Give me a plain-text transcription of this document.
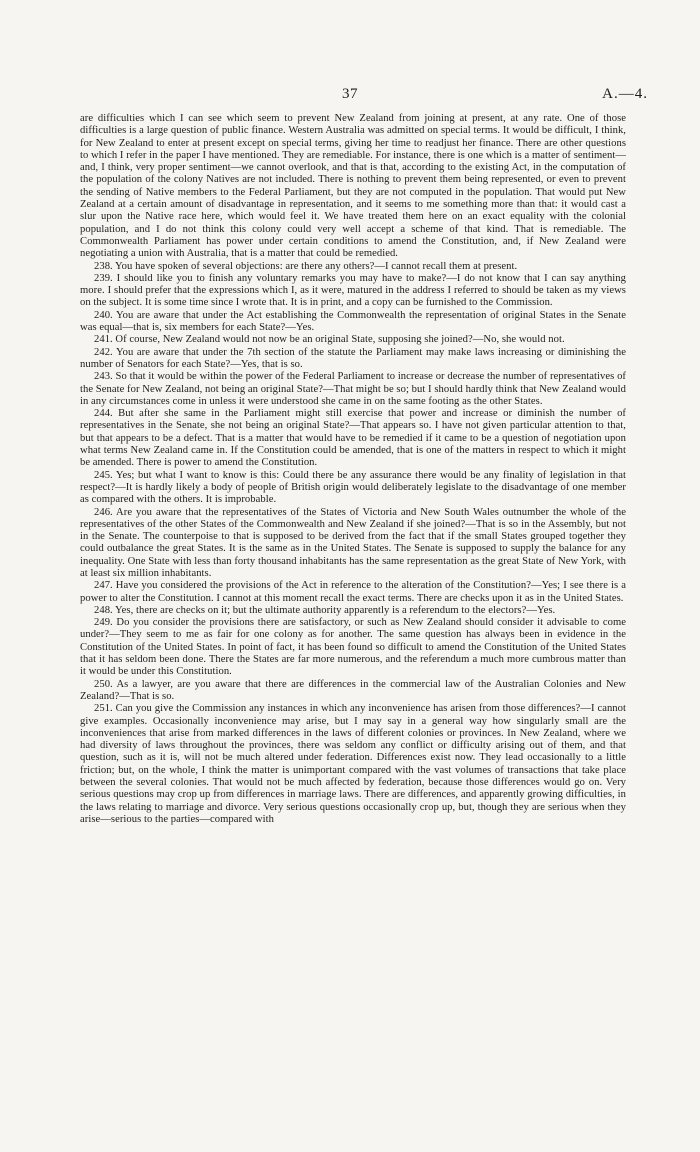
37	A.—4.

are difficulties which I can see which seem to prevent New Zealand from joining at present, at any rate. One of those difficulties is a large question of public finance. Western Australia was admitted on special terms. It would be difficult, I think, for New Zealand to enter at present except on special terms, giving her time to readjust her finance. There are other questions to which I refer in the paper I have mentioned. They are remediable. For instance, there is one which is a matter of sentiment—and, I think, very proper sentiment—we cannot overlook, and that is that, according to the existing Act, in the computation of the population of the colony Natives are not included. There is nothing to prevent them being represented, or even to prevent the sending of Native members to the Federal Parliament, but they are not computed in the population. That would put New Zealand at a certain amount of disadvantage in representation, and it seems to me something more than that: it would cast a slur upon the Native race here, which would feel it. We have treated them here on an exact equality with the colonial population, and I do not think this colony could very well accept a scheme of that kind. That is remediable. The Commonwealth Parliament has power under certain conditions to amend the Constitution, and, if New Zealand were negotiating a union with Australia, that is a matter that could be remedied.

238. You have spoken of several objections: are there any others?—I cannot recall them at present.

239. I should like you to finish any voluntary remarks you may have to make?—I do not know that I can say anything more. I should prefer that the expressions which I, as it were, matured in the address I referred to should be taken as my views on the subject. It is some time since I wrote that. It is in print, and a copy can be furnished to the Commission.

240. You are aware that under the Act establishing the Commonwealth the representation of original States in the Senate was equal—that is, six members for each State?—Yes.

241. Of course, New Zealand would not now be an original State, supposing she joined?—No, she would not.

242. You are aware that under the 7th section of the statute the Parliament may make laws increasing or diminishing the number of Senators for each State?—Yes, that is so.

243. So that it would be within the power of the Federal Parliament to increase or decrease the number of representatives of the Senate for New Zealand, not being an original State?—That might be so; but I should hardly think that New Zealand would in any circumstances come in unless it were understood she came in on the same footing as the other States.

244. But after she same in the Parliament might still exercise that power and increase or diminish the number of representatives in the Senate, she not being an original State?—That appears so. I have not given particular attention to that, but that appears to be a defect. That is a matter that would have to be remedied if it came to be a question of negotiation upon what terms New Zealand came in. If the Constitution could be amended, that is one of the matters in respect to which it might be amended. There is power to amend the Constitution.

245. Yes; but what I want to know is this: Could there be any assurance there would be any finality of legislation in that respect?—It is hardly likely a body of people of British origin would deliberately legislate to the disadvantage of one member as compared with the others. It is improbable.

246. Are you aware that the representatives of the States of Victoria and New South Wales outnumber the whole of the representatives of the other States of the Commonwealth and New Zealand if she joined?—That is so in the Assembly, but not in the Senate. The counterpoise to that is supposed to be derived from the fact that if the small States grouped together they could outbalance the great States. It is the same as in the United States. The Senate is supposed to supply the balance for any inequality. One State with less than forty thousand inhabitants has the same representation as the great State of New York, with at least six million inhabitants.

247. Have you considered the provisions of the Act in reference to the alteration of the Constitution?—Yes; I see there is a power to alter the Constitution. I cannot at this moment recall the exact terms. There are checks upon it as in the United States.

248. Yes, there are checks on it; but the ultimate authority apparently is a referendum to the electors?—Yes.

249. Do you consider the provisions there are satisfactory, or such as New Zealand should consider it advisable to come under?—They seem to me as fair for one colony as for another. The same question has always been in evidence in the Constitution of the United States. In point of fact, it has been found so difficult to amend the Constitution of the United States that it has seldom been done. There the States are far more numerous, and the referendum a much more cumbrous matter than it would be under this Constitution.

250. As a lawyer, are you aware that there are differences in the commercial law of the Australian Colonies and New Zealand?—That is so.

251. Can you give the Commission any instances in which any inconvenience has arisen from those differences?—I cannot give examples. Occasionally inconvenience may arise, but I may say in a general way how singularly small are the inconveniences that arise from marked differences in the laws of different colonies or provinces. In New Zealand, where we had diversity of laws throughout the provinces, there was seldom any conflict or difficulty arising out of them, and that question, such as it is, will not be much altered under federation. Differences exist now. They lead occasionally to a little friction; but, on the whole, I think the matter is unimportant compared with the vast volumes of transactions that take place between the several colonies. That would not be much affected by federation, because those differences would go on. Very serious questions may crop up from differences in marriage laws. There are differences, and apparently growing difficulties, in the laws relating to marriage and divorce. Very serious questions occasionally crop up, but, though they are serious when they arise—serious to the parties—compared with
